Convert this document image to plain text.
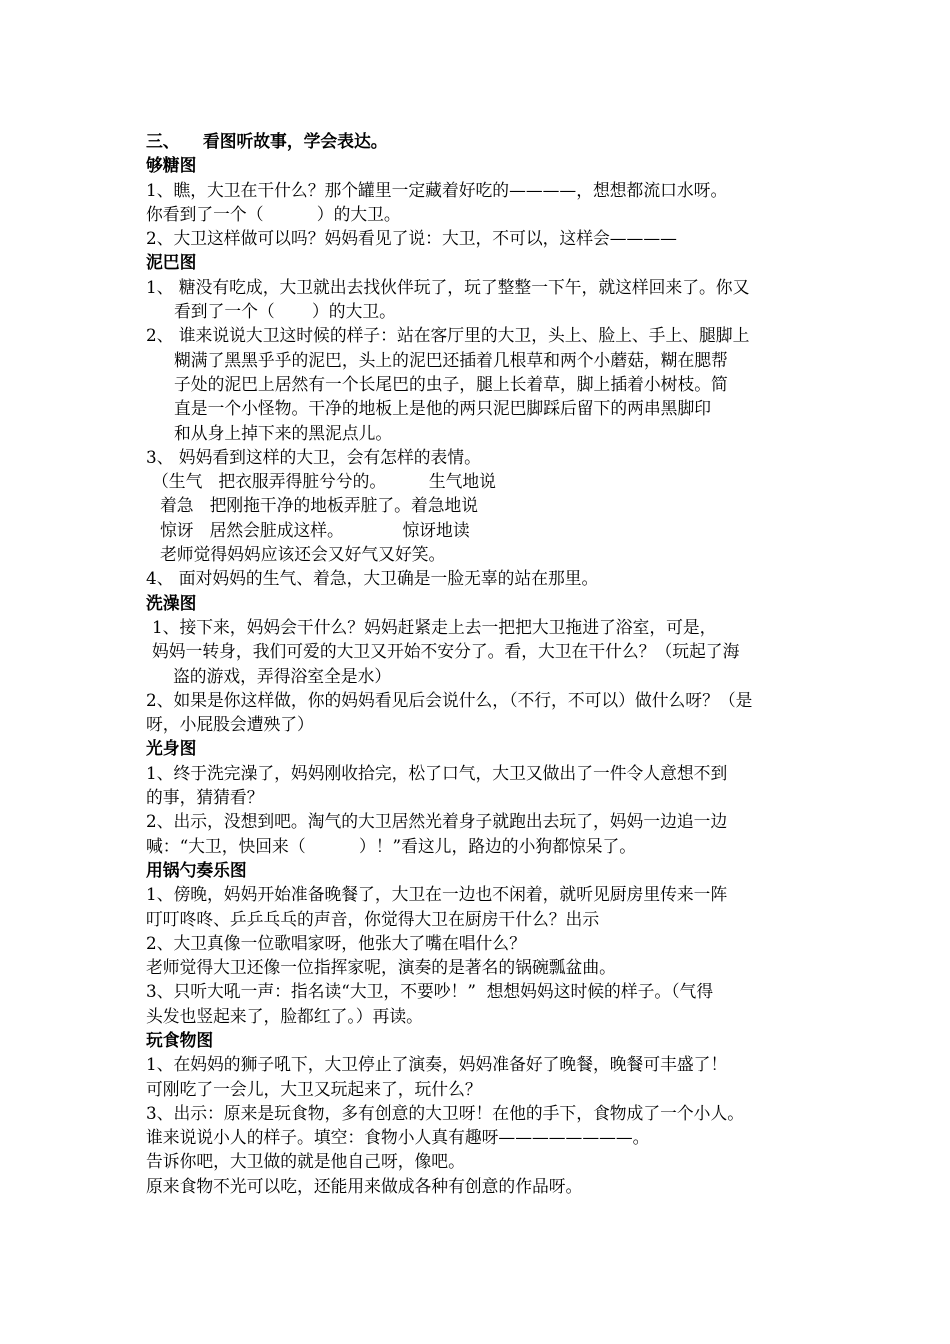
三、    看图听故事，学会表达。

够糖图

1、瞧，大卫在干什么？那个罐里一定藏着好吃的————，想想都流口水呀。

你看到了一个（          ）的大卫。

2、大卫这样做可以吗？妈妈看见了说：大卫，不可以，这样会————

泥巴图

1、 糖没有吃成，大卫就出去找伙伴玩了，玩了整整一下午，就这样回来了。你又

看到了一个（       ）的大卫。

2、 谁来说说大卫这时候的样子：站在客厅里的大卫，头上、脸上、手上、腿脚上

糊满了黑黑乎乎的泥巴，头上的泥巴还插着几根草和两个小蘑菇，糊在腮帮

子处的泥巴上居然有一个长尾巴的虫子，腿上长着草，脚上插着小树枝。简

直是一个小怪物。干净的地板上是他的两只泥巴脚踩后留下的两串黑脚印

和从身上掉下来的黑泥点儿。

3、 妈妈看到这样的大卫，会有怎样的表情。

（生气   把衣服弄得脏兮兮的。        生气地说

着急   把刚拖干净的地板弄脏了。着急地说

惊讶   居然会脏成这样。           惊讶地读

老师觉得妈妈应该还会又好气又好笑。

4、 面对妈妈的生气、着急，大卫确是一脸无辜的站在那里。

洗澡图

1、接下来，妈妈会干什么？妈妈赶紧走上去一把把大卫拖进了浴室，可是，

妈妈一转身，我们可爱的大卫又开始不安分了。看，大卫在干什么？（玩起了海

盗的游戏，弄得浴室全是水）

2、如果是你这样做，你的妈妈看见后会说什么，（不行，不可以）做什么呀？（是

呀，小屁股会遭殃了）

光身图

1、终于洗完澡了，妈妈刚收拾完，松了口气，大卫又做出了一件令人意想不到

的事，猜猜看？

2、出示，没想到吧。淘气的大卫居然光着身子就跑出去玩了，妈妈一边追一边

喊：“大卫，快回来（          ）！”看这儿，路边的小狗都惊呆了。

用锅勺奏乐图

1、傍晚，妈妈开始准备晚餐了，大卫在一边也不闲着，就听见厨房里传来一阵

叮叮咚咚、乒乒乓乓的声音，你觉得大卫在厨房干什么？出示

2、大卫真像一位歌唱家呀，他张大了嘴在唱什么？

老师觉得大卫还像一位指挥家呢，演奏的是著名的锅碗瓢盆曲。

3、只听大吼一声：指名读“大卫，不要吵！”  想想妈妈这时候的样子。（气得

头发也竖起来了，脸都红了。）再读。

玩食物图

1、在妈妈的狮子吼下，大卫停止了演奏，妈妈准备好了晚餐，晚餐可丰盛了！

可刚吃了一会儿，大卫又玩起来了，玩什么？

3、出示：原来是玩食物，多有创意的大卫呀！在他的手下，食物成了一个小人。

谁来说说小人的样子。填空：食物小人真有趣呀————————。

告诉你吧，大卫做的就是他自己呀，像吧。

原来食物不光可以吃，还能用来做成各种有创意的作品呀。
